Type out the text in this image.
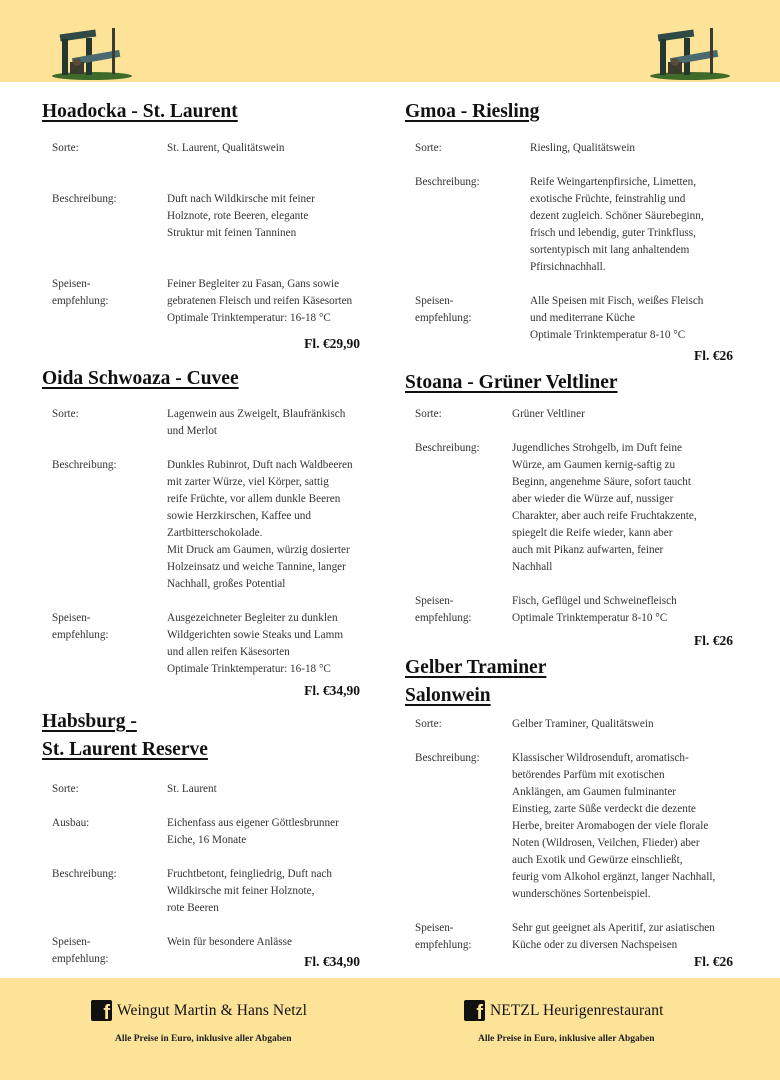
Hoadocka - St. Laurent
Sorte:	St. Laurent, Qualitätswein
Beschreibung:	Duft nach Wildkirsche mit feiner
Holznote, rote Beeren, elegante
Struktur mit feinen Tanninen
Speisen-
empfehlung:
Feiner Begleiter zu Fasan, Gans sowie
gebratenen Fleisch und reifen Käsesorten
Optimale Trinktemperatur: 16-18 °C
Fl. €29,90
Oida Schwoaza - Cuvee
Sorte:	Lagenwein aus Zweigelt, Blaufränkisch
und Merlot
Beschreibung:	Dunkles Rubinrot, Duft nach Waldbeeren
mit zarter Würze, viel Körper, sattig
reife Früchte, vor allem dunkle Beeren
sowie Herzkirschen, Kaffee und
Zartbitterschokolade.
Mit Druck am Gaumen, würzig dosierter
Holzeinsatz und weiche Tannine, langer
Nachhall, großes Potential
Speisen-
empfehlung:
Ausgezeichneter Begleiter zu dunklen
Wildgerichten sowie Steaks und Lamm
und allen reifen Käsesorten
Optimale Trinktemperatur: 16-18 °C
Fl. €34,90
Habsburg -
St. Laurent Reserve
Sorte:	St. Laurent
Ausbau:	Eichenfass aus eigener Göttlesbrunner
Eiche, 16 Monate
Beschreibung:	Fruchtbetont, feingliedrig, Duft nach
Wildkirsche mit feiner Holznote,
rote Beeren
Speisen-
empfehlung:
Wein für besondere Anlässe
Fl. €34,90
Gmoa - Riesling
Sorte:	Riesling, Qualitätswein
Beschreibung:	Reife Weingartenpfirsiche, Limetten,
exotische Früchte, feinstrahlig und
dezent zugleich. Schöner Säurebeginn,
frisch und lebendig, guter Trinkfluss,
sortentypisch mit lang anhaltendem
Pfirsichnachhall.
Speisen-
empfehlung:
Alle Speisen mit Fisch, weißes Fleisch
und mediterrane Küche
Optimale Trinktemperatur 8-10 °C
Fl. €26
Stoana - Grüner Veltliner
Sorte:	Grüner Veltliner
Beschreibung:	Jugendliches Strohgelb, im Duft feine
Würze, am Gaumen kernig-saftig zu
Beginn, angenehme Säure, sofort taucht
aber wieder die Würze auf, nussiger
Charakter, aber auch reife Fruchtakzente,
spiegelt die Reife wieder, kann aber
auch mit Pikanz aufwarten, feiner
Nachhall
Speisen-
empfehlung:
Fisch, Geflügel und Schweinefleisch
Optimale Trinktemperatur 8-10 °C
Fl. €26
Gelber Traminer
Salonwein
Sorte:	Gelber Traminer, Qualitätswein
Beschreibung:	Klassischer Wildrosenduft, aromatisch-
betörendes Parfüm mit exotischen
Anklängen, am Gaumen fulminanter
Einstieg, zarte Süße verdeckt die dezente
Herbe, breiter Aromabogen der viele florale
Noten (Wildrosen, Veilchen, Flieder) aber
auch Exotik und Gewürze einschließt,
feurig vom Alkohol ergänzt, langer Nachhall,
wunderschönes Sortenbeispiel.
Speisen-
empfehlung:
Sehr gut geeignet als Aperitif, zur asiatischen
Küche oder zu diversen Nachspeisen
Fl. €26
f Weingut Martin & Hans Netzl
Alle Preise in Euro, inklusive aller Abgaben
f NETZL Heurigenrestaurant
Alle Preise in Euro, inklusive aller Abgaben
